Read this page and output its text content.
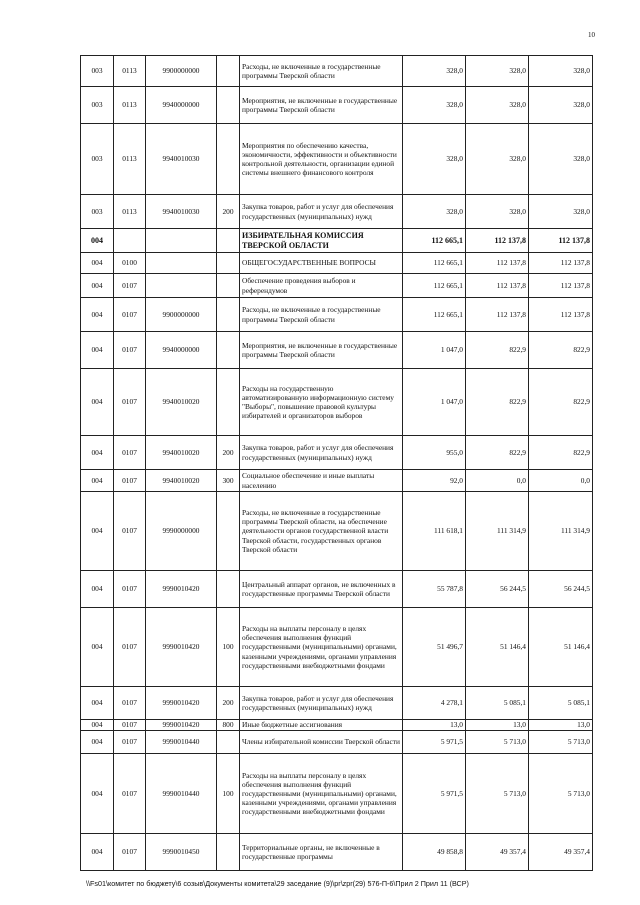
10
003	0113	9900000000		Расходы, не включенные в государственные программы Тверской области	328,0	328,0	328,0
003	0113	9940000000		Мероприятия, не включенные в государственные программы Тверской области	328,0	328,0	328,0
003	0113	9940010030		Мероприятия по обеспечению качества, экономичности, эффективности и объективности контрольной деятельности, организации единой системы внешнего финансового контроля	328,0	328,0	328,0
003	0113	9940010030	200	Закупка товаров, работ и услуг для обеспечения государственных (муниципальных) нужд	328,0	328,0	328,0
004				ИЗБИРАТЕЛЬНАЯ КОМИССИЯ ТВЕРСКОЙ ОБЛАСТИ	112 665,1	112 137,8	112 137,8
004	0100			ОБЩЕГОСУДАРСТВЕННЫЕ ВОПРОСЫ	112 665,1	112 137,8	112 137,8
004	0107			Обеспечение проведения выборов и референдумов	112 665,1	112 137,8	112 137,8
004	0107	9900000000		Расходы, не включенные в государственные программы Тверской области	112 665,1	112 137,8	112 137,8
004	0107	9940000000		Мероприятия, не включенные в государственные программы Тверской области	1 047,0	822,9	822,9
004	0107	9940010020		Расходы на государственную автоматизированную информационную систему "Выборы", повышение правовой культуры избирателей и организаторов выборов	1 047,0	822,9	822,9
004	0107	9940010020	200	Закупка товаров, работ и услуг для обеспечения государственных (муниципальных) нужд	955,0	822,9	822,9
004	0107	9940010020	300	Социальное обеспечение и иные выплаты населению	92,0	0,0	0,0
004	0107	9990000000		Расходы, не включенные в государственные программы Тверской области, на обеспечение деятельности органов государственной власти Тверской области, государственных органов Тверской области	111 618,1	111 314,9	111 314,9
004	0107	9990010420		Центральный аппарат органов, не включенных в государственные программы Тверской области	55 787,8	56 244,5	56 244,5
004	0107	9990010420	100	Расходы на выплаты персоналу в целях обеспечения выполнения функций государственными (муниципальными) органами, казенными учреждениями, органами управления государственными внебюджетными фондами	51 496,7	51 146,4	51 146,4
004	0107	9990010420	200	Закупка товаров, работ и услуг для обеспечения государственных (муниципальных) нужд	4 278,1	5 085,1	5 085,1
004	0107	9990010420	800	Иные бюджетные ассигнования	13,0	13,0	13,0
004	0107	9990010440		Члены избирательной комиссии Тверской области	5 971,5	5 713,0	5 713,0
004	0107	9990010440	100	Расходы на выплаты персоналу в целях обеспечения выполнения функций государственными (муниципальными) органами, казенными учреждениями, органами управления государственными внебюджетными фондами	5 971,5	5 713,0	5 713,0
004	0107	9990010450		Территориальные органы, не включенные в государственные программы	49 858,8	49 357,4	49 357,4
\\Fs01\комитет по бюджету\6 созыв\Документы комитета\29 заседание (9)\pr\zpr(29) 576-П-6\Прил 2 Прил 11 (ВСР)
